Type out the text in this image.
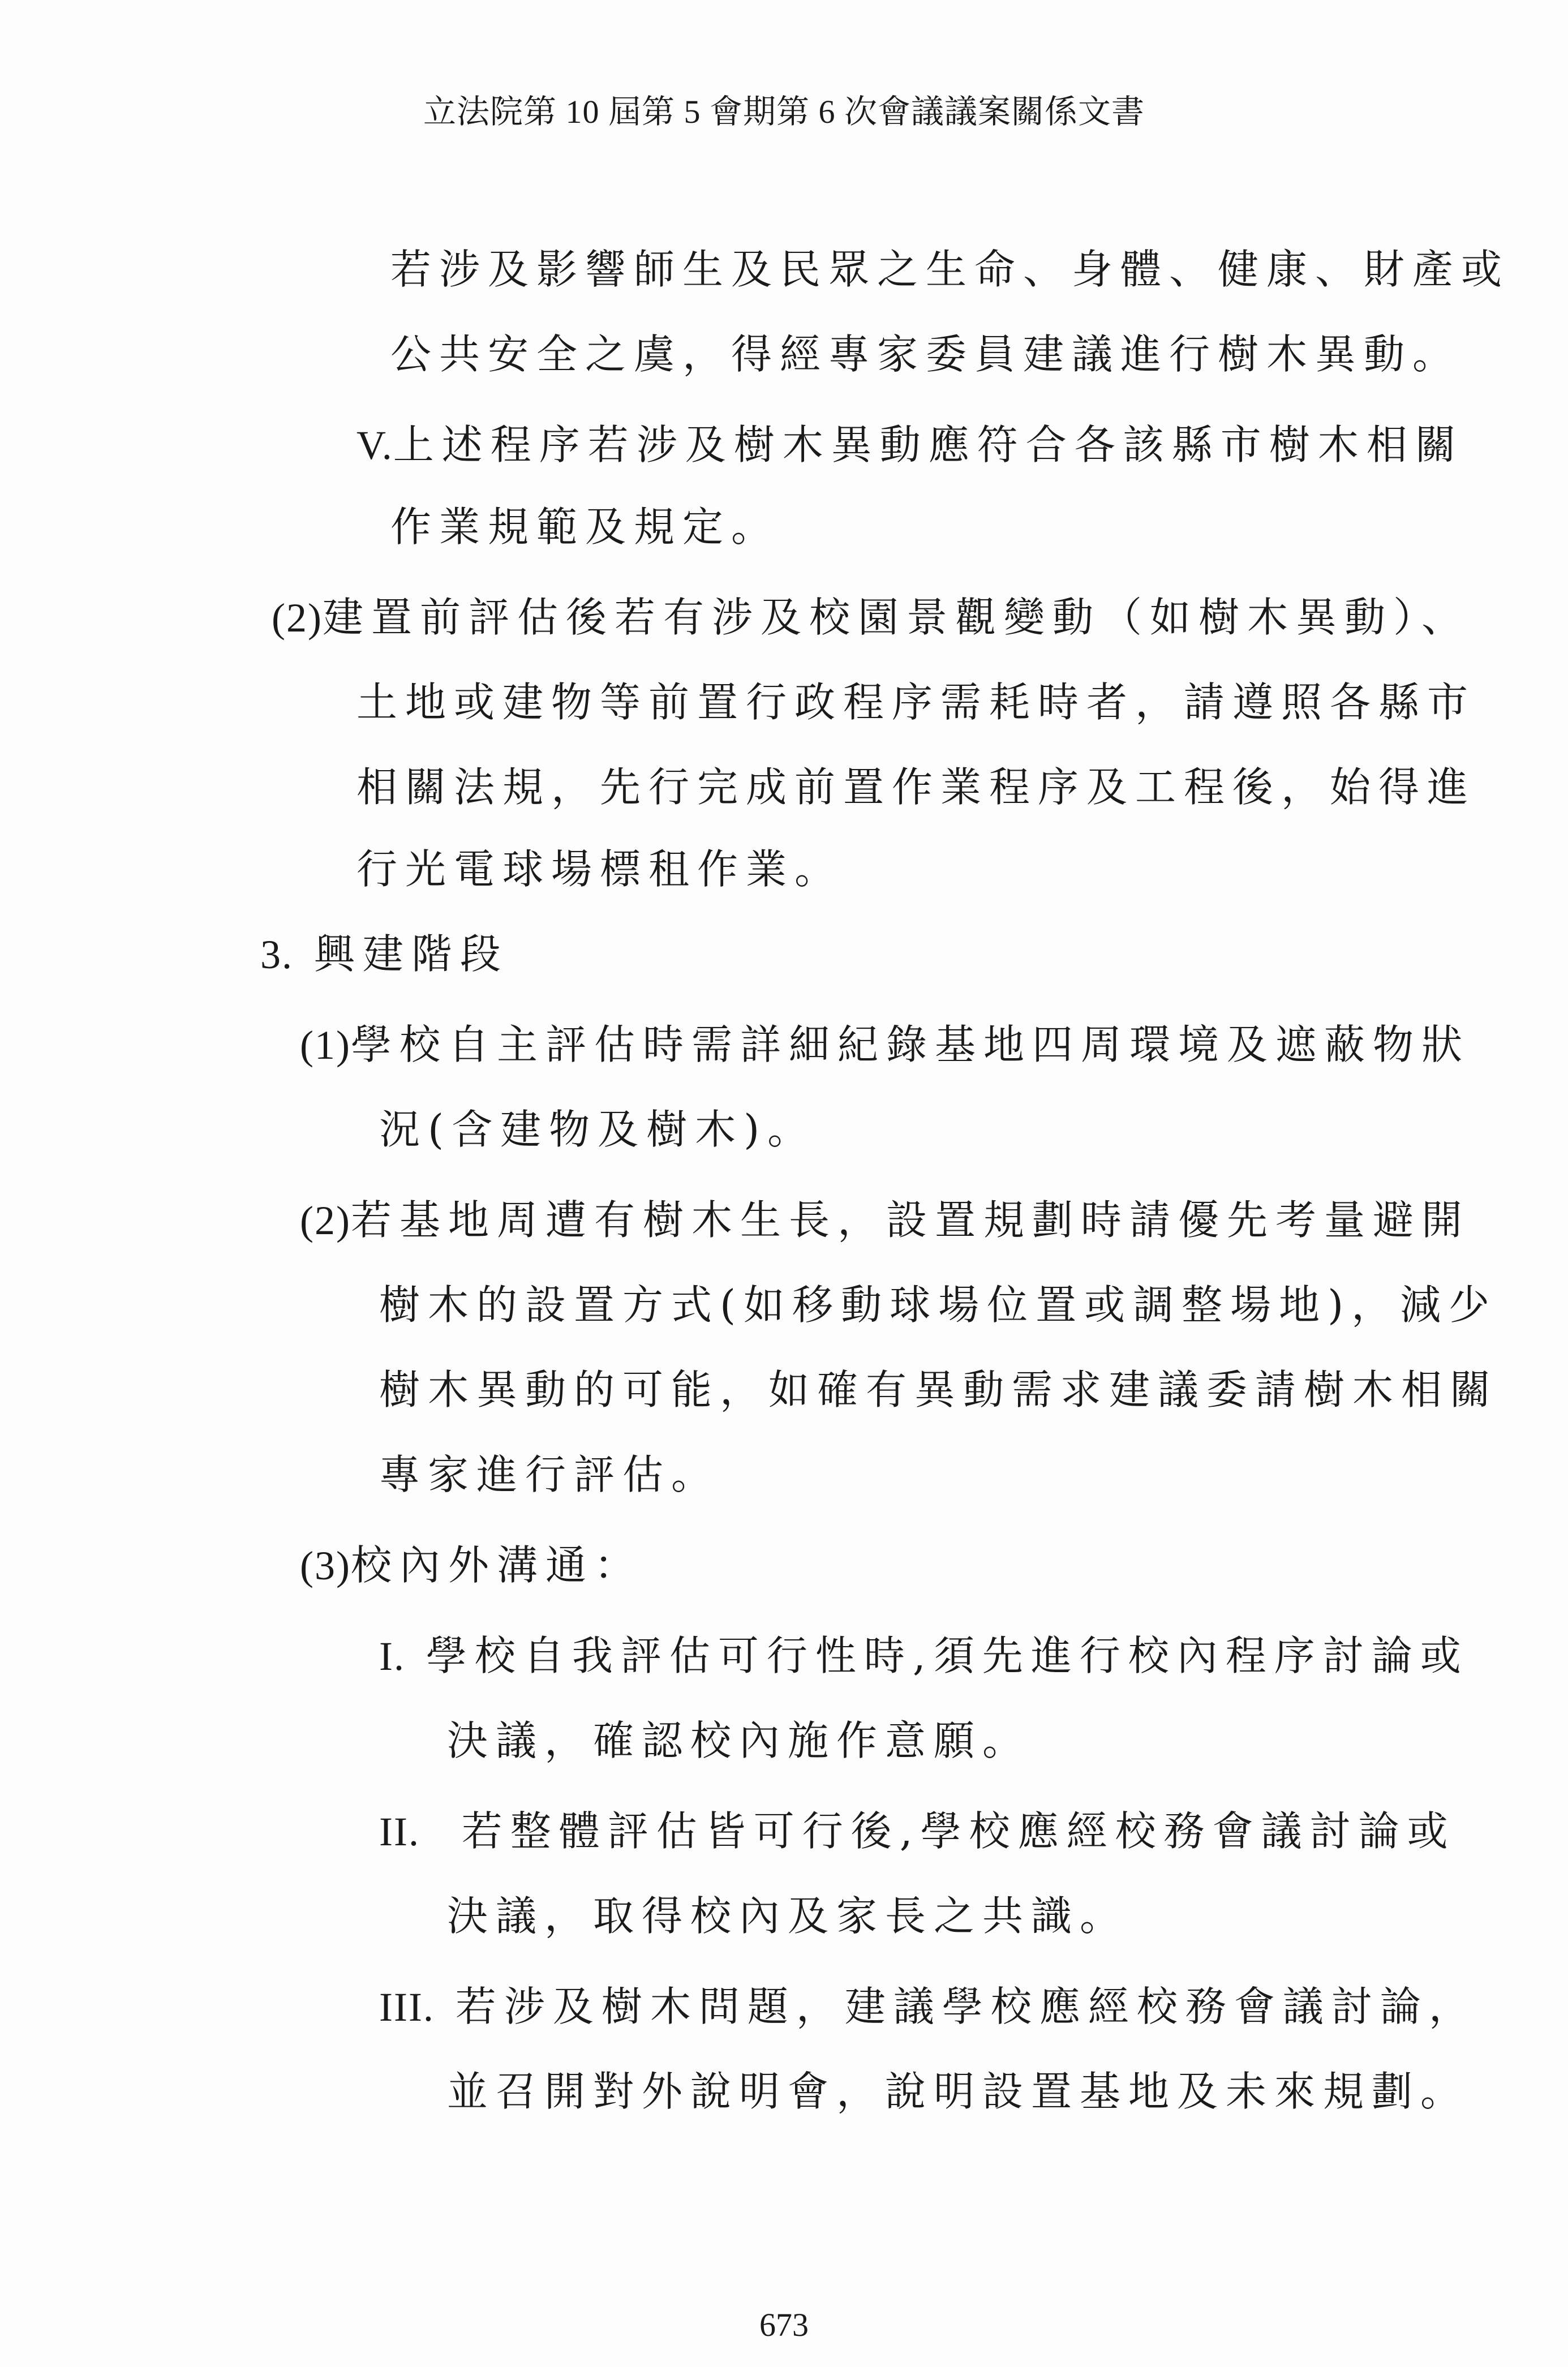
立法院第 10 屆第 5 會期第 6 次會議議案關係文書
若涉及影響師生及民眾之生命、身體、健康、財產或
公共安全之虞，得經專家委員建議進行樹木異動。
V.上述程序若涉及樹木異動應符合各該縣市樹木相關
作業規範及規定。
(2)建置前評估後若有涉及校園景觀變動（如樹木異動）、
土地或建物等前置行政程序需耗時者，請遵照各縣市
相關法規，先行完成前置作業程序及工程後，始得進
行光電球場標租作業。
3. 興建階段
(1)學校自主評估時需詳細紀錄基地四周環境及遮蔽物狀
況(含建物及樹木)。
(2)若基地周遭有樹木生長，設置規劃時請優先考量避開
樹木的設置方式(如移動球場位置或調整場地)，減少
樹木異動的可能，如確有異動需求建議委請樹木相關
專家進行評估。
(3)校內外溝通：
I. 學校自我評估可行性時,須先進行校內程序討論或
決議，確認校內施作意願。
II. 若整體評估皆可行後,學校應經校務會議討論或
決議，取得校內及家長之共識。
III. 若涉及樹木問題，建議學校應經校務會議討論，
並召開對外說明會，說明設置基地及未來規劃。
673
